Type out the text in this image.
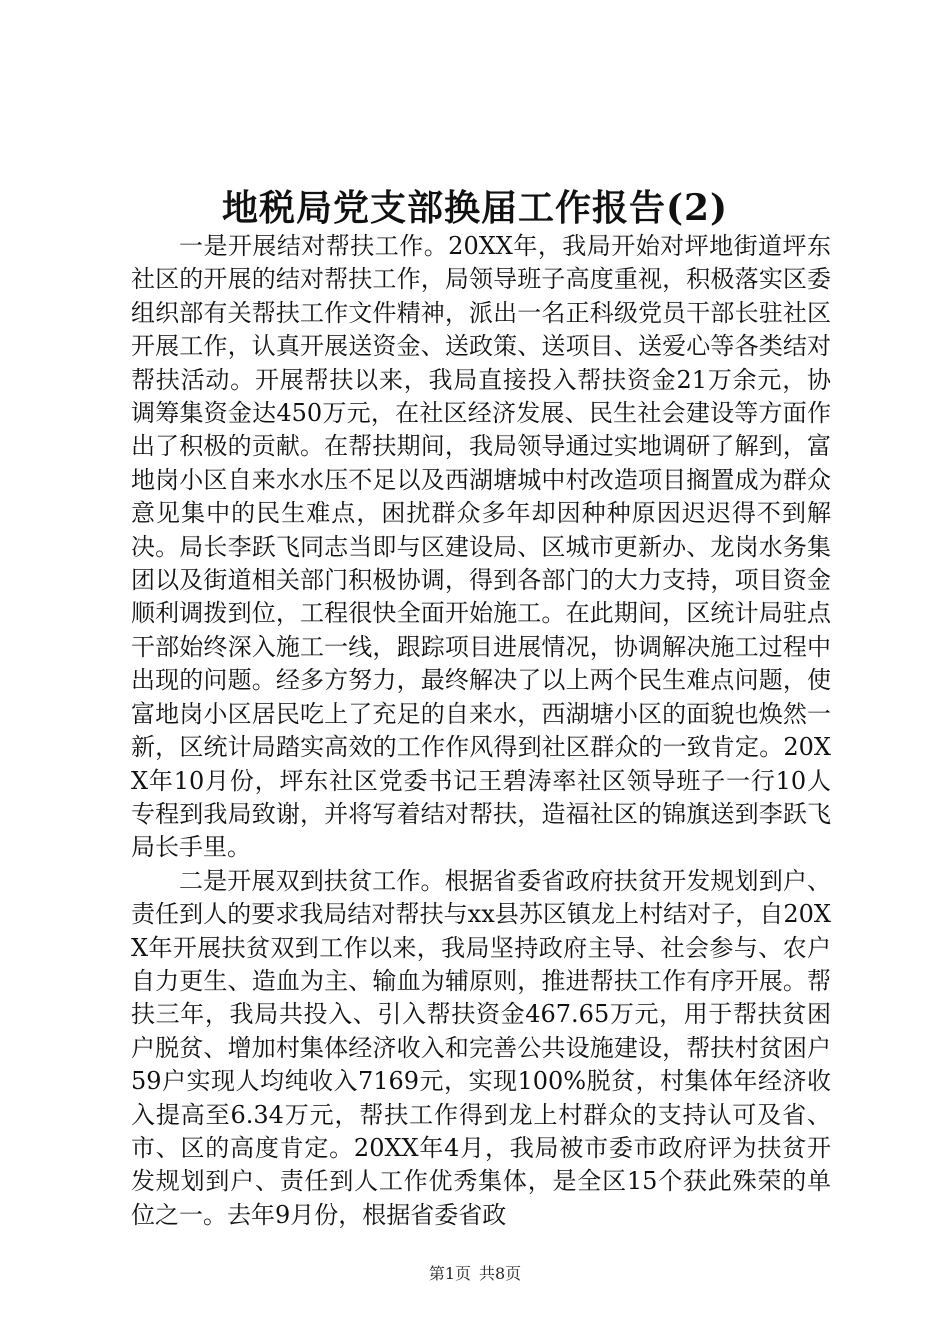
地税局党支部换届工作报告(2)

一是开展结对帮扶工作。20XX年，我局开始对坪地街道坪东社区的开展的结对帮扶工作，局领导班子高度重视，积极落实区委组织部有关帮扶工作文件精神，派出一名正科级党员干部长驻社区开展工作，认真开展送资金、送政策、送项目、送爱心等各类结对帮扶活动。开展帮扶以来，我局直接投入帮扶资金21万余元，协调筹集资金达450万元，在社区经济发展、民生社会建设等方面作出了积极的贡献。在帮扶期间，我局领导通过实地调研了解到，富地岗小区自来水水压不足以及西湖塘城中村改造项目搁置成为群众意见集中的民生难点，困扰群众多年却因种种原因迟迟得不到解决。局长李跃飞同志当即与区建设局、区城市更新办、龙岗水务集团以及街道相关部门积极协调，得到各部门的大力支持，项目资金顺利调拨到位，工程很快全面开始施工。在此期间，区统计局驻点干部始终深入施工一线，跟踪项目进展情况，协调解决施工过程中出现的问题。经多方努力，最终解决了以上两个民生难点问题，使富地岗小区居民吃上了充足的自来水，西湖塘小区的面貌也焕然一新，区统计局踏实高效的工作作风得到社区群众的一致肯定。20XX年10月份，坪东社区党委书记王碧涛率社区领导班子一行10人专程到我局致谢，并将写着结对帮扶，造福社区的锦旗送到李跃飞局长手里。

二是开展双到扶贫工作。根据省委省政府扶贫开发规划到户、责任到人的要求我局结对帮扶与xx县苏区镇龙上村结对子，自20XX年开展扶贫双到工作以来，我局坚持政府主导、社会参与、农户自力更生、造血为主、输血为辅原则，推进帮扶工作有序开展。帮扶三年，我局共投入、引入帮扶资金467.65万元，用于帮扶贫困户脱贫、增加村集体经济收入和完善公共设施建设，帮扶村贫困户59户实现人均纯收入7169元，实现100%脱贫，村集体年经济收入提高至6.34万元，帮扶工作得到龙上村群众的支持认可及省、市、区的高度肯定。20XX年4月，我局被市委市政府评为扶贫开发规划到户、责任到人工作优秀集体，是全区15个获此殊荣的单位之一。去年9月份，根据省委省政

第1页 共8页
